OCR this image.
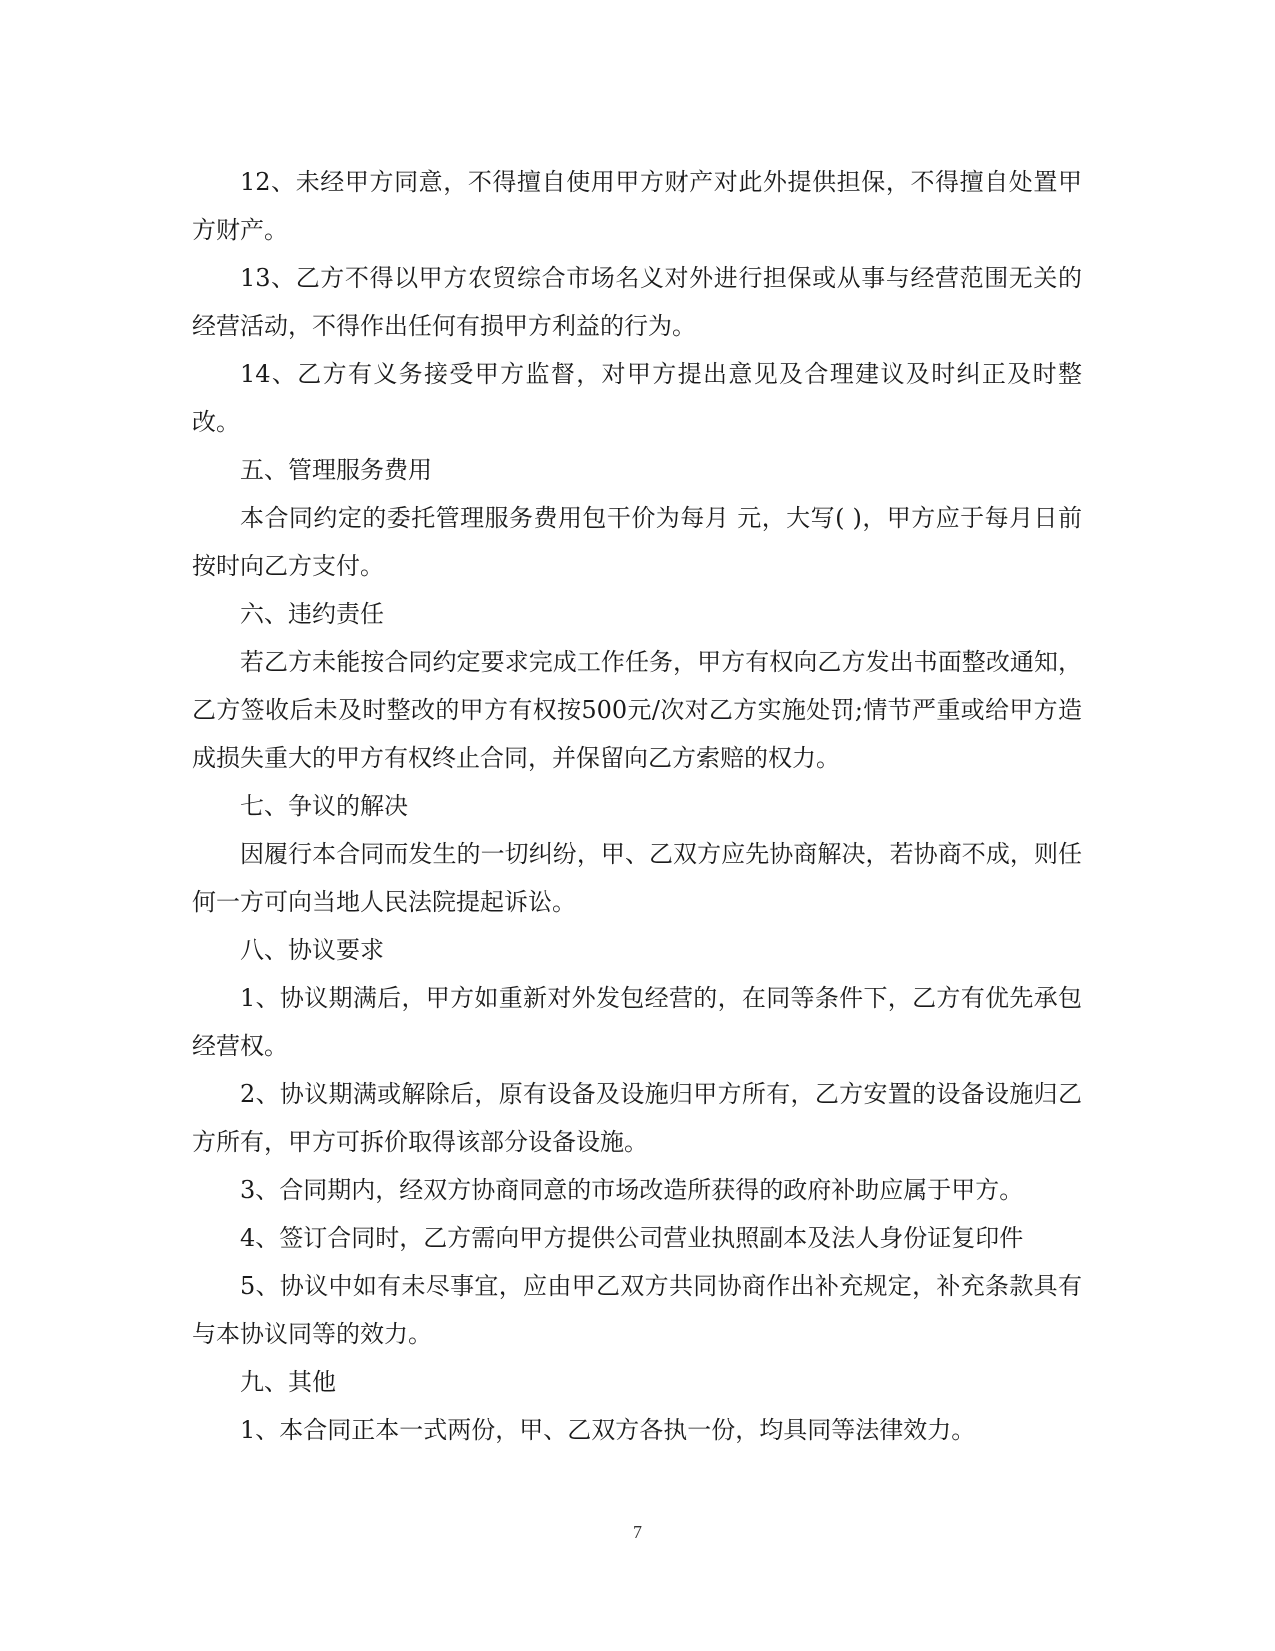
12、未经甲方同意，不得擅自使用甲方财产对此外提供担保，不得擅自处置甲方财产。

13、乙方不得以甲方农贸综合市场名义对外进行担保或从事与经营范围无关的经营活动，不得作出任何有损甲方利益的行为。

14、乙方有义务接受甲方监督，对甲方提出意见及合理建议及时纠正及时整改。

五、管理服务费用

本合同约定的委托管理服务费用包干价为每月 元，大写( )，甲方应于每月日前按时向乙方支付。

六、违约责任

若乙方未能按合同约定要求完成工作任务，甲方有权向乙方发出书面整改通知，乙方签收后未及时整改的甲方有权按500元/次对乙方实施处罚;情节严重或给甲方造成损失重大的甲方有权终止合同，并保留向乙方索赔的权力。

七、争议的解决

因履行本合同而发生的一切纠纷，甲、乙双方应先协商解决，若协商不成，则任何一方可向当地人民法院提起诉讼。

八、协议要求

1、协议期满后，甲方如重新对外发包经营的，在同等条件下，乙方有优先承包经营权。

2、协议期满或解除后，原有设备及设施归甲方所有，乙方安置的设备设施归乙方所有，甲方可拆价取得该部分设备设施。

3、合同期内，经双方协商同意的市场改造所获得的政府补助应属于甲方。

4、签订合同时，乙方需向甲方提供公司营业执照副本及法人身份证复印件

5、协议中如有未尽事宜，应由甲乙双方共同协商作出补充规定，补充条款具有与本协议同等的效力。

九、其他

1、本合同正本一式两份，甲、乙双方各执一份，均具同等法律效力。

7
